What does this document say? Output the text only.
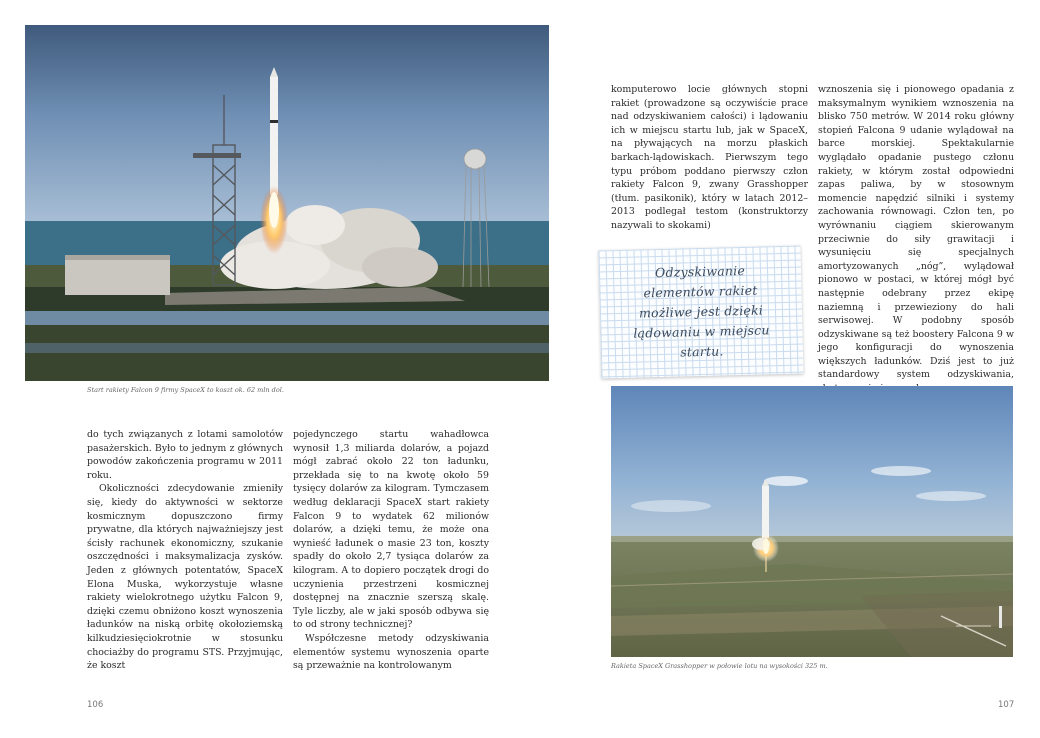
Start rakiety Falcon 9 firmy SpaceX to koszt ok. 62 mln dol.

do tych związanych z lotami samolotów pasażerskich. Było to jednym z głównych powodów zakończenia programu w 2011 roku.

Okoliczności zdecydowanie zmieniły się, kiedy do aktywności w sektorze kosmicznym dopuszczono firmy prywatne, dla których najważniejszy jest ścisły rachunek ekonomiczny, szukanie oszczędności i maksymalizacja zysków. Jeden z głównych potentatów, SpaceX Elona Muska, wykorzystuje własne rakiety wielokrotnego użytku Falcon 9, dzięki czemu obniżono koszt wynoszenia ładunków na niską orbitę okołoziemską kilkudziesięciokrotnie w stosunku chociażby do programu STS. Przyjmując, że koszt

pojedynczego startu wahadłowca wynosił 1,3 miliarda dolarów, a pojazd mógł zabrać około 22 ton ładunku, przekłada się to na kwotę około 59 tysięcy dolarów za kilogram. Tymczasem według deklaracji SpaceX start rakiety Falcon 9 to wydatek 62 milionów dolarów, a dzięki temu, że może ona wynieść ładunek o masie 23 ton, koszty spadły do około 2,7 tysiąca dolarów za kilogram. A to dopiero początek drogi do uczynienia przestrzeni kosmicznej dostępnej na znacznie szerszą skalę. Tyle liczby, ale w jaki sposób odbywa się to od strony technicznej?

Współczesne metody odzyskiwania elementów systemu wynoszenia oparte są przeważnie na kontrolowanym

komputerowo locie głównych stopni rakiet (prowadzone są oczywiście prace nad odzyskiwaniem całości) i lądowaniu ich w miejscu startu lub, jak w SpaceX, na pływających na morzu płaskich barkach-lądowiskach. Pierwszym tego typu próbom poddano pierwszy człon rakiety Falcon 9, zwany Grasshopper (tłum. pasikonik), który w latach 2012–2013 podlegał testom (konstruktorzy nazywali to skokami)

wznoszenia się i pionowego opadania z maksymalnym wynikiem wznoszenia na blisko 750 metrów. W 2014 roku główny stopień Falcona 9 udanie wylądował na barce morskiej. Spektakularnie wyglądało opadanie pustego członu rakiety, w którym został odpowiedni zapas paliwa, by w stosownym momencie napędzić silniki i systemy zachowania równowagi. Człon ten, po wyrównaniu ciągiem skierowanym przeciwnie do siły grawitacji i wysunięciu się specjalnych amortyzowanych „nóg”, wylądował pionowo w postaci, w której mógł być następnie odebrany przez ekipę naziemną i przewieziony do hali serwisowej. W podobny sposób odzyskiwane są też boostery Falcona 9 w jego konfiguracji do wynoszenia większych ładunków. Dziś jest to już standardowy system odzyskiwania,

Odzyskiwanie elementów rakiet możliwe jest dzięki lądowaniu w miejscu startu.
Rakieta SpaceX Grasshopper w połowie lotu na wysokości 325 m.
106	107
